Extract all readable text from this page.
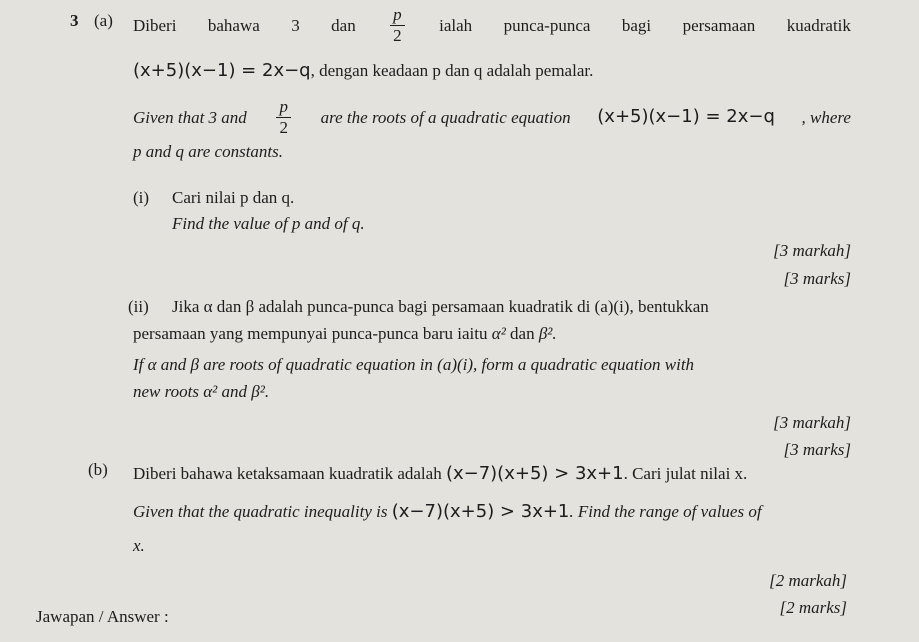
3 (a) Diberi bahawa 3 dan $\frac{p}{2}$ ialah punca-punca bagi persamaan kuadratik
(x+5)(x−1) = 2x−q, dengan keadaan p dan q adalah pemalar.
Given that 3 and $\frac{p}{2}$ are the roots of a quadratic equation (x+5)(x−1) = 2x−q , where
p and q are constants.
(i) Cari nilai p dan q.
Find the value of p and of q.
[3 markah]
[3 marks]
(ii) Jika α dan β adalah punca-punca bagi persamaan kuadratik di (a)(i), bentukkan
persamaan yang mempunyai punca-punca baru iaitu α² dan β².
If α and β are roots of quadratic equation in (a)(i), form a quadratic equation with
new roots α² and β².
[3 markah]
[3 marks]
(b) Diberi bahawa ketaksamaan kuadratik adalah (x−7)(x+5) > 3x+1. Cari julat nilai x.
Given that the quadratic inequality is (x−7)(x+5) > 3x+1. Find the range of values of
x.
[2 markah]
[2 marks]
Jawapan / Answer :
